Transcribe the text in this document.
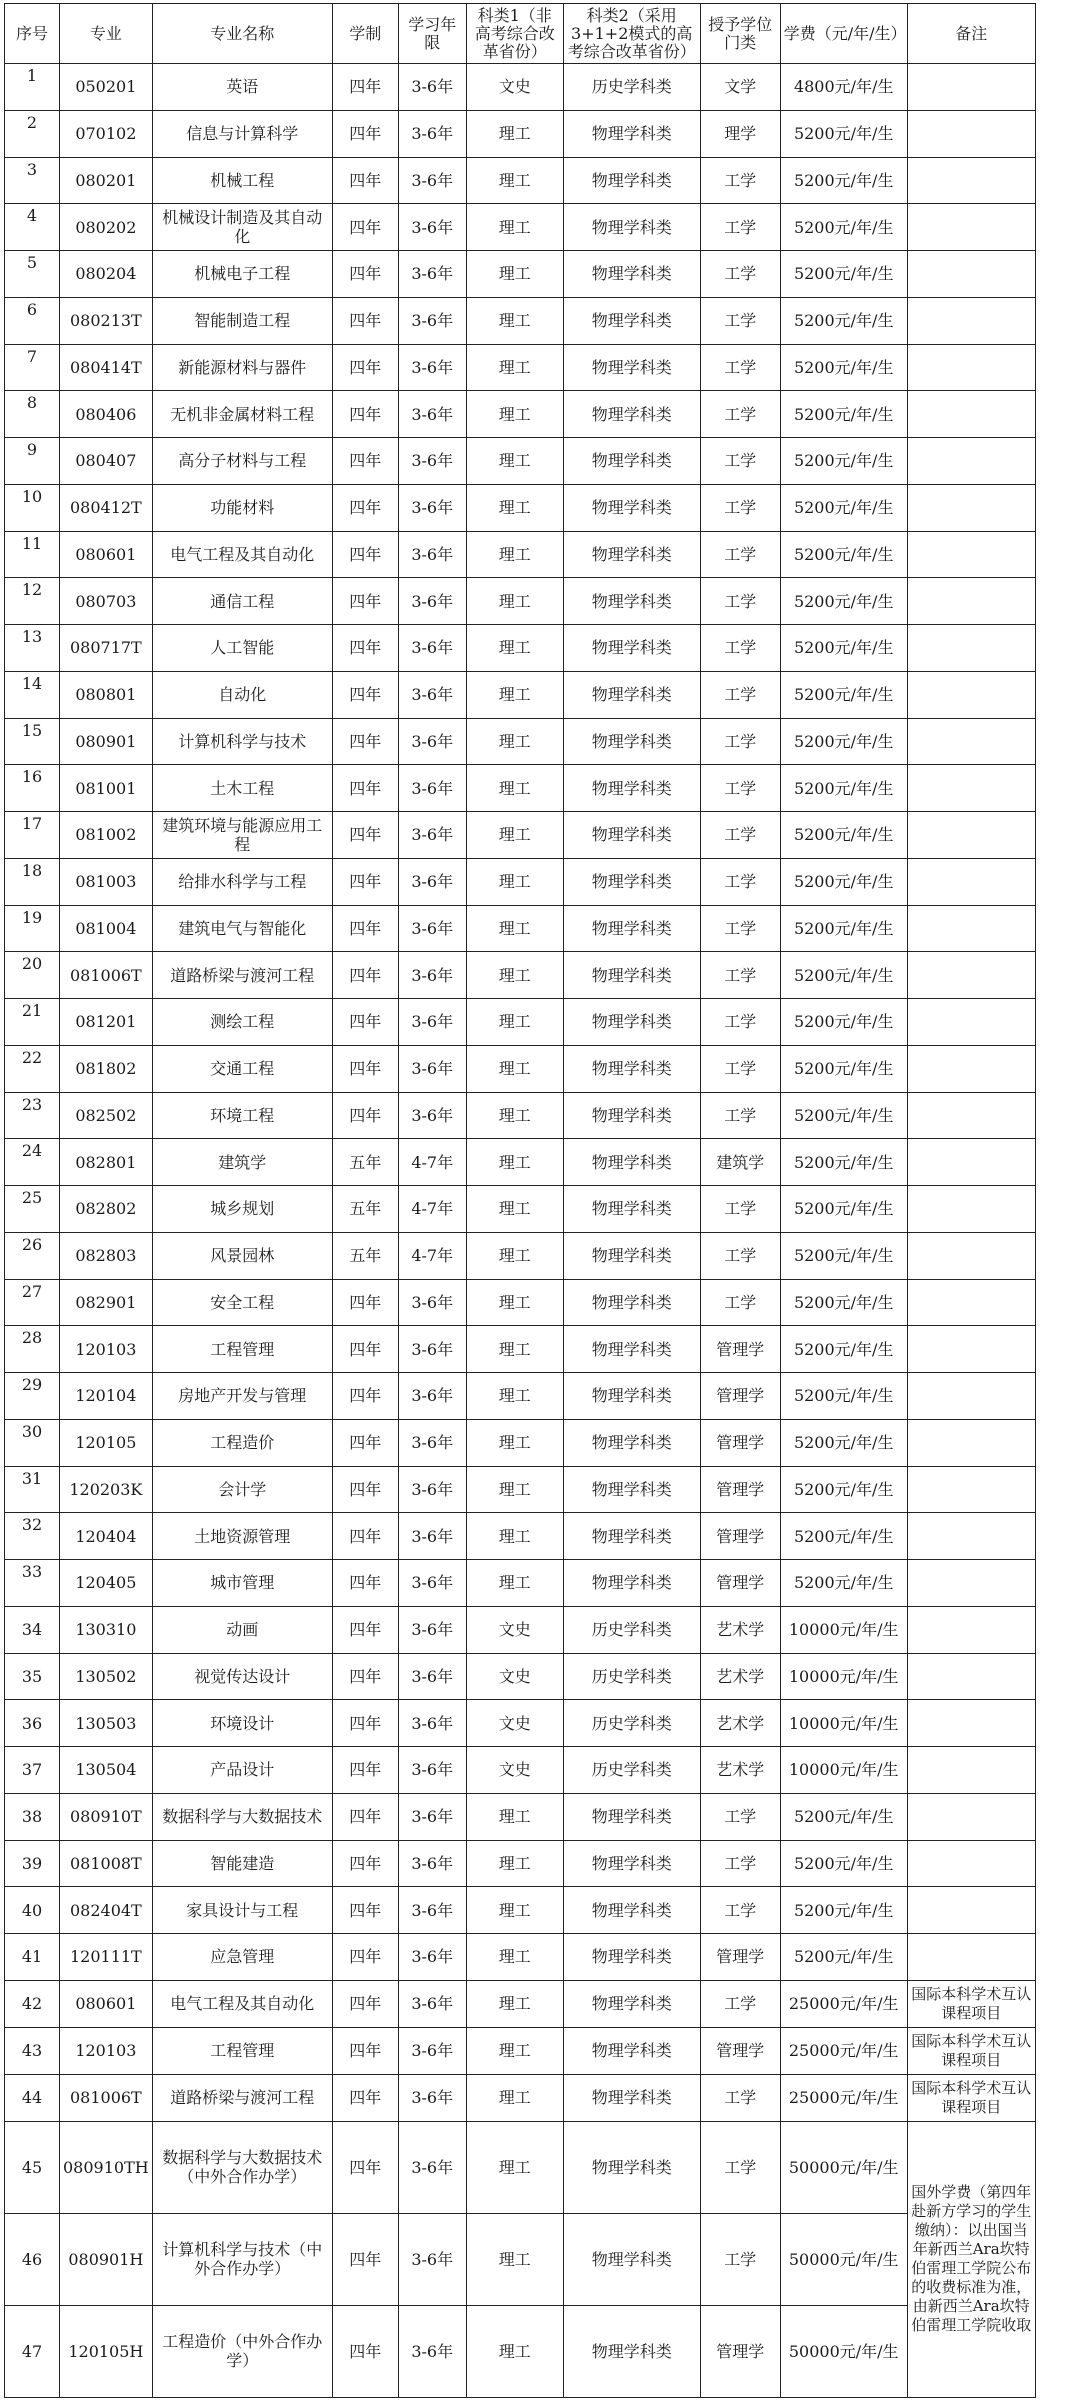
序号	专业	专业名称	学制	学习年限	科类1（非高考综合改革省份）	科类2（采用3+1+2模式的高考综合改革省份）	授予学位门类	学费（元/年/生）	备注
1	050201	英语	四年	3-6年	文史	历史学科类	文学	4800元/年/生	
2	070102	信息与计算科学	四年	3-6年	理工	物理学科类	理学	5200元/年/生	
3	080201	机械工程	四年	3-6年	理工	物理学科类	工学	5200元/年/生	
4	080202	机械设计制造及其自动化	四年	3-6年	理工	物理学科类	工学	5200元/年/生	
5	080204	机械电子工程	四年	3-6年	理工	物理学科类	工学	5200元/年/生	
6	080213T	智能制造工程	四年	3-6年	理工	物理学科类	工学	5200元/年/生	
7	080414T	新能源材料与器件	四年	3-6年	理工	物理学科类	工学	5200元/年/生	
8	080406	无机非金属材料工程	四年	3-6年	理工	物理学科类	工学	5200元/年/生	
9	080407	高分子材料与工程	四年	3-6年	理工	物理学科类	工学	5200元/年/生	
10	080412T	功能材料	四年	3-6年	理工	物理学科类	工学	5200元/年/生	
11	080601	电气工程及其自动化	四年	3-6年	理工	物理学科类	工学	5200元/年/生	
12	080703	通信工程	四年	3-6年	理工	物理学科类	工学	5200元/年/生	
13	080717T	人工智能	四年	3-6年	理工	物理学科类	工学	5200元/年/生	
14	080801	自动化	四年	3-6年	理工	物理学科类	工学	5200元/年/生	
15	080901	计算机科学与技术	四年	3-6年	理工	物理学科类	工学	5200元/年/生	
16	081001	土木工程	四年	3-6年	理工	物理学科类	工学	5200元/年/生	
17	081002	建筑环境与能源应用工程	四年	3-6年	理工	物理学科类	工学	5200元/年/生	
18	081003	给排水科学与工程	四年	3-6年	理工	物理学科类	工学	5200元/年/生	
19	081004	建筑电气与智能化	四年	3-6年	理工	物理学科类	工学	5200元/年/生	
20	081006T	道路桥梁与渡河工程	四年	3-6年	理工	物理学科类	工学	5200元/年/生	
21	081201	测绘工程	四年	3-6年	理工	物理学科类	工学	5200元/年/生	
22	081802	交通工程	四年	3-6年	理工	物理学科类	工学	5200元/年/生	
23	082502	环境工程	四年	3-6年	理工	物理学科类	工学	5200元/年/生	
24	082801	建筑学	五年	4-7年	理工	物理学科类	建筑学	5200元/年/生	
25	082802	城乡规划	五年	4-7年	理工	物理学科类	工学	5200元/年/生	
26	082803	风景园林	五年	4-7年	理工	物理学科类	工学	5200元/年/生	
27	082901	安全工程	四年	3-6年	理工	物理学科类	工学	5200元/年/生	
28	120103	工程管理	四年	3-6年	理工	物理学科类	管理学	5200元/年/生	
29	120104	房地产开发与管理	四年	3-6年	理工	物理学科类	管理学	5200元/年/生	
30	120105	工程造价	四年	3-6年	理工	物理学科类	管理学	5200元/年/生	
31	120203K	会计学	四年	3-6年	理工	物理学科类	管理学	5200元/年/生	
32	120404	土地资源管理	四年	3-6年	理工	物理学科类	管理学	5200元/年/生	
33	120405	城市管理	四年	3-6年	理工	物理学科类	管理学	5200元/年/生	
34	130310	动画	四年	3-6年	文史	历史学科类	艺术学	10000元/年/生	
35	130502	视觉传达设计	四年	3-6年	文史	历史学科类	艺术学	10000元/年/生	
36	130503	环境设计	四年	3-6年	文史	历史学科类	艺术学	10000元/年/生	
37	130504	产品设计	四年	3-6年	文史	历史学科类	艺术学	10000元/年/生	
38	080910T	数据科学与大数据技术	四年	3-6年	理工	物理学科类	工学	5200元/年/生	
39	081008T	智能建造	四年	3-6年	理工	物理学科类	工学	5200元/年/生	
40	082404T	家具设计与工程	四年	3-6年	理工	物理学科类	工学	5200元/年/生	
41	120111T	应急管理	四年	3-6年	理工	物理学科类	管理学	5200元/年/生	
42	080601	电气工程及其自动化	四年	3-6年	理工	物理学科类	工学	25000元/年/生	国际本科学术互认课程项目
43	120103	工程管理	四年	3-6年	理工	物理学科类	管理学	25000元/年/生	国际本科学术互认课程项目
44	081006T	道路桥梁与渡河工程	四年	3-6年	理工	物理学科类	工学	25000元/年/生	国际本科学术互认课程项目
45	080910TH	数据科学与大数据技术（中外合作办学）	四年	3-6年	理工	物理学科类	工学	50000元/年/生	国外学费（第四年赴新方学习的学生缴纳）：以出国当年新西兰Ara坎特伯雷理工学院公布的收费标准为准，由新西兰Ara坎特伯雷理工学院收取
46	080901H	计算机科学与技术（中外合作办学）	四年	3-6年	理工	物理学科类	工学	50000元/年/生	
47	120105H	工程造价（中外合作办学）	四年	3-6年	理工	物理学科类	管理学	50000元/年/生	
